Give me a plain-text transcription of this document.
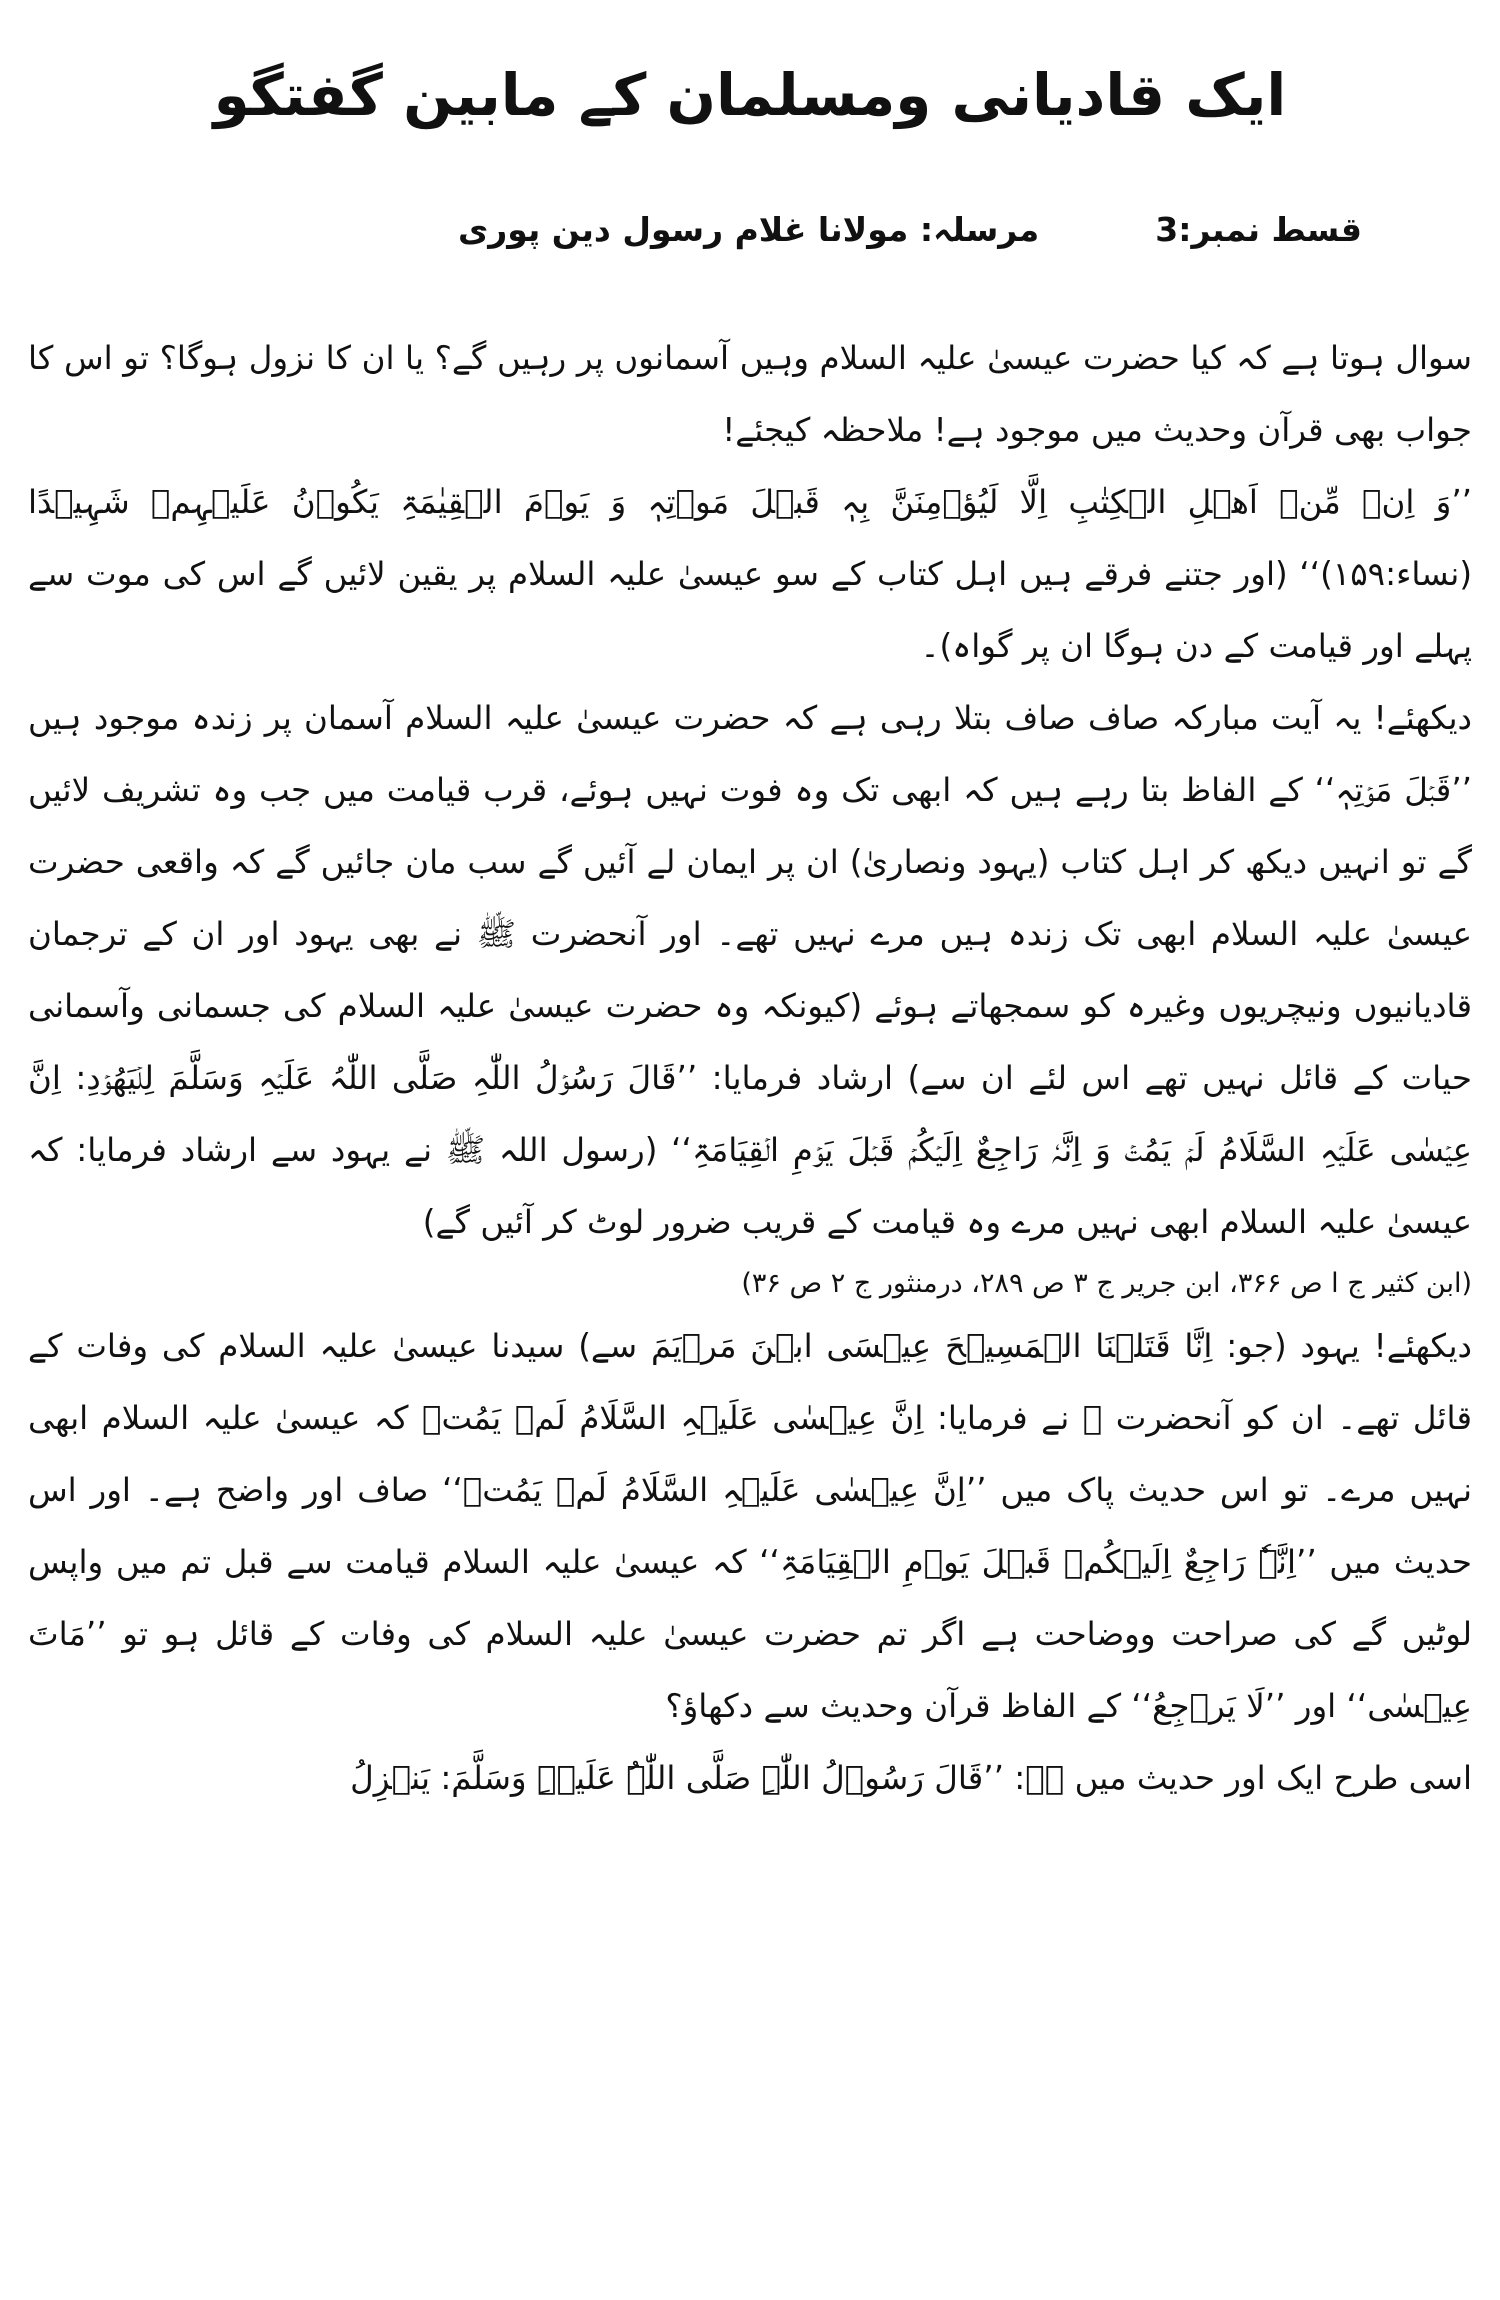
ایک قادیانی ومسلمان کے مابین گفتگو
قسط نمبر:3
مرسلہ: مولانا غلام رسول دین پوری

سوال ہوتا ہے کہ کیا حضرت عیسیٰ علیہ السلام وہیں آسمانوں پر رہیں گے؟ یا ان کا نزول ہوگا؟ تو اس کا جواب بھی قرآن وحدیث میں موجود ہے! ملاحظہ کیجئے!

’’وَ اِنۡ مِّنۡ اَھۡلِ الۡکِتٰبِ اِلَّا لَیُؤۡمِنَنَّ بِہٖ قَبۡلَ مَوۡتِہٖ وَ یَوۡمَ الۡقِیٰمَۃِ یَکُوۡنُ عَلَیۡہِمۡ شَہِیۡدًا (نساء:۱۵۹)‘‘ (اور جتنے فرقے ہیں اہل کتاب کے سو عیسیٰ علیہ السلام پر یقین لائیں گے اس کی موت سے پہلے اور قیامت کے دن ہوگا ان پر گواہ)۔

دیکھئے! یہ آیت مبارکہ صاف صاف بتلا رہی ہے کہ حضرت عیسیٰ علیہ السلام آسمان پر زندہ موجود ہیں ’’قَبۡلَ مَوۡتِہٖ‘‘ کے الفاظ بتا رہے ہیں کہ ابھی تک وہ فوت نہیں ہوئے، قرب قیامت میں جب وہ تشریف لائیں گے تو انہیں دیکھ کر اہل کتاب (یہود ونصاریٰ) ان پر ایمان لے آئیں گے سب مان جائیں گے کہ واقعی حضرت عیسیٰ علیہ السلام ابھی تک زندہ ہیں مرے نہیں تھے۔ اور آنحضرت ﷺ نے بھی یہود اور ان کے ترجمان قادیانیوں ونیچریوں وغیرہ کو سمجھاتے ہوئے (کیونکہ وہ حضرت عیسیٰ علیہ السلام کی جسمانی وآسمانی حیات کے قائل نہیں تھے اس لئے ان سے) ارشاد فرمایا: ’’قَالَ رَسُوۡلُ اللّٰہِ صَلَّی اللّٰہُ عَلَیۡہِ وَسَلَّمَ لِلۡیَھُوۡدِ: اِنَّ عِیۡسٰی عَلَیۡہِ السَّلَامُ لَمۡ یَمُتۡ وَ اِنَّہٗ رَاجِعٌ اِلَیۡکُمۡ قَبۡلَ یَوۡمِ الۡقِیَامَۃِ‘‘ (رسول اللہ ﷺ نے یہود سے ارشاد فرمایا: کہ عیسیٰ علیہ السلام ابھی نہیں مرے وہ قیامت کے قریب ضرور لوٹ کر آئیں گے)

(ابن کثیر ج ا ص ۳۶۶، ابن جریر ج ۳ ص ۲۸۹، درمنثور ج ۲ ص ۳۶)

دیکھئے! یہود (جو: اِنَّا قَتَلۡنَا الۡمَسِیۡحَ عِیۡسَی ابۡنَ مَرۡیَمَ سے) سیدنا عیسیٰ علیہ السلام کی وفات کے قائل تھے۔ ان کو آنحضرت ﷺ نے فرمایا: اِنَّ عِیۡسٰی عَلَیۡہِ السَّلَامُ لَمۡ یَمُتۡ کہ عیسیٰ علیہ السلام ابھی نہیں مرے۔ تو اس حدیث پاک میں ’’اِنَّ عِیۡسٰی عَلَیۡہِ السَّلَامُ لَمۡ یَمُتۡ‘‘ صاف اور واضح ہے۔ اور اس حدیث میں ’’اِنَّہٗ رَاجِعٌ اِلَیۡکُمۡ قَبۡلَ یَوۡمِ الۡقِیَامَۃِ‘‘ کہ عیسیٰ علیہ السلام قیامت سے قبل تم میں واپس لوٹیں گے کی صراحت ووضاحت ہے اگر تم حضرت عیسیٰ علیہ السلام کی وفات کے قائل ہو تو ’’مَاتَ عِیۡسٰی‘‘ اور ’’لَا یَرۡجِعُ‘‘ کے الفاظ قرآن وحدیث سے دکھاؤ؟

اسی طرح ایک اور حدیث میں ہے: ’’قَالَ رَسُوۡلُ اللّٰہِ صَلَّی اللّٰہُ عَلَیۡہِ وَسَلَّمَ: یَنۡزِلُ
